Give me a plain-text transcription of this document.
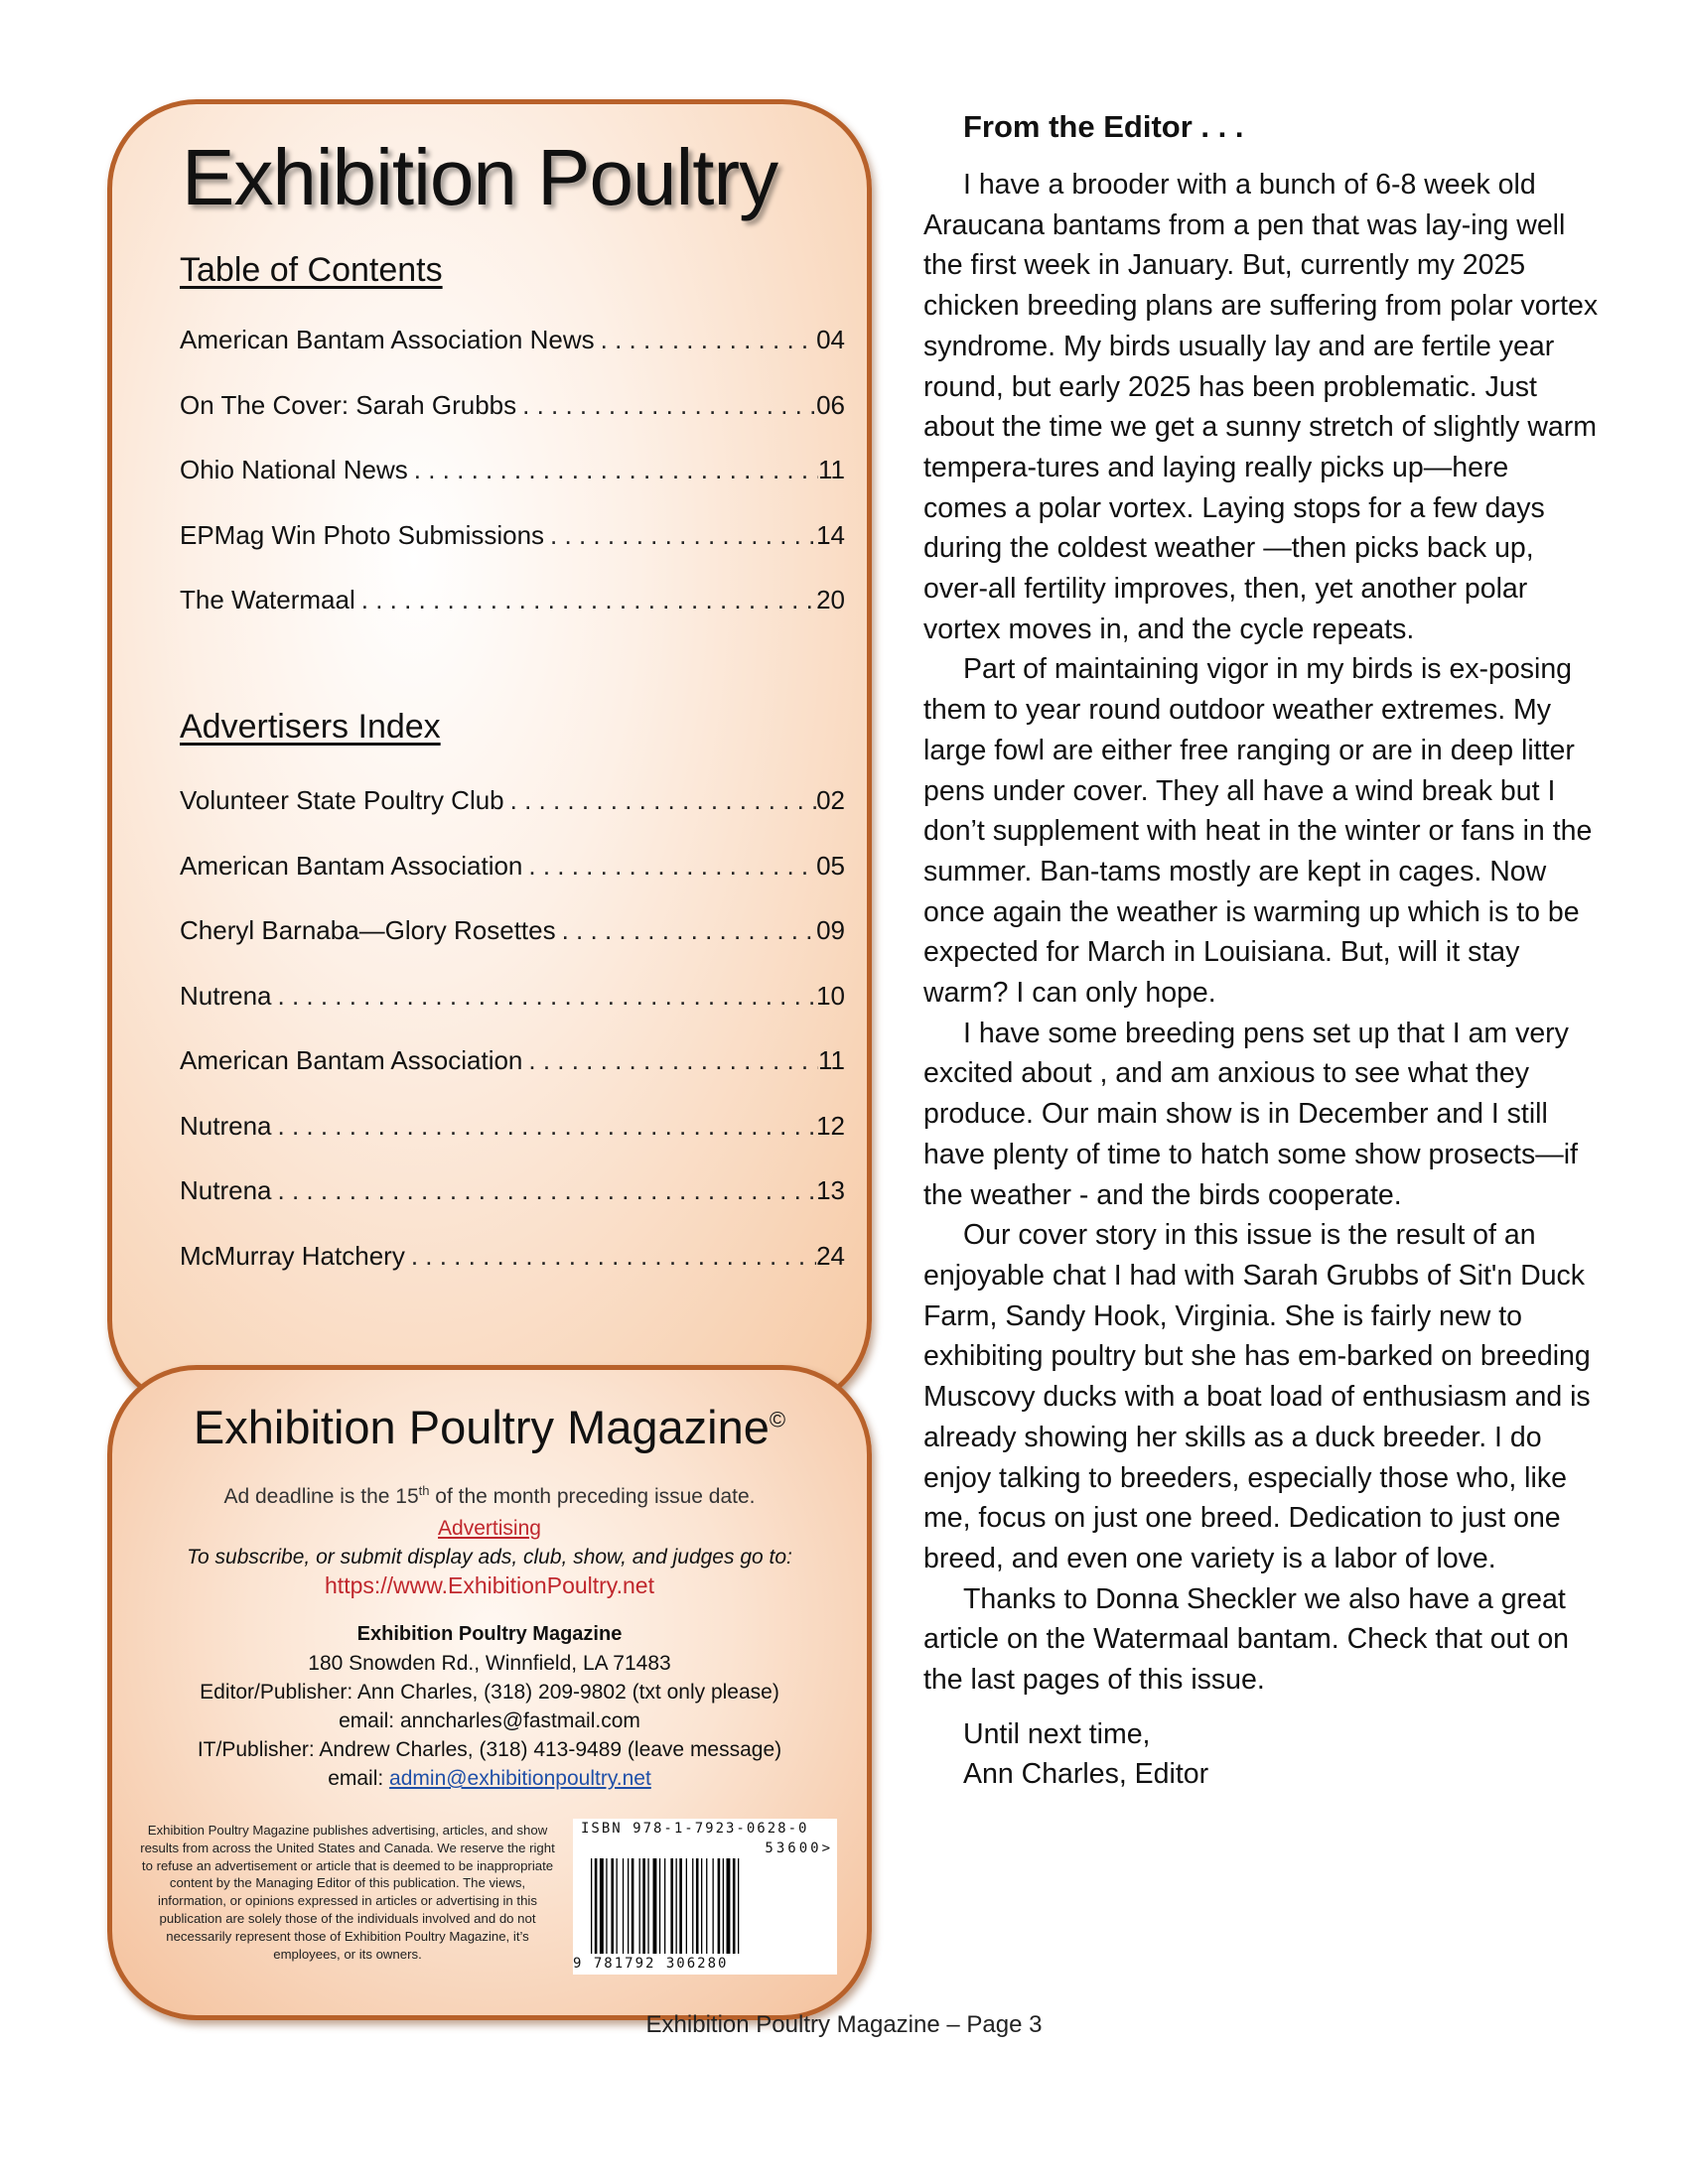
Exhibition Poultry
Table of Contents
American Bantam Association News . . .	04
On The Cover: Sarah Grubbs . . .	06
Ohio National News . . .	11
EPMag Win Photo Submissions . . .	14
The Watermaal . . .	20
Advertisers Index
Volunteer State Poultry Club . . .	02
American Bantam Association . . .	05
Cheryl Barnaba—Glory Rosettes . . .	09
Nutrena . . .	10
American Bantam Association . . .	11
Nutrena . . .	12
Nutrena . . .	13
McMurray Hatchery . . .	24
Exhibition Poultry Magazine©
Ad deadline is the 15th of the month preceding issue date.
Advertising
To subscribe, or submit display ads, club, show, and judges go to:
https://www.ExhibitionPoultry.net
Exhibition Poultry Magazine
180 Snowden Rd., Winnfield, LA 71483
Editor/Publisher: Ann Charles, (318) 209-9802 (txt only please)
email: anncharles@fastmail.com
IT/Publisher: Andrew Charles, (318) 413-9489 (leave message)
email: admin@exhibitionpoultry.net
Exhibition Poultry Magazine publishes advertising, articles, and show results from across the United States and Canada. We reserve the right to refuse an advertisement or article that is deemed to be inappropriate content by the Managing Editor of this publication. The views, information, or opinions expressed in articles or advertising in this publication are solely those of the individuals involved and do not necessarily represent those of Exhibition Poultry Magazine, it’s employees, or its owners.
ISBN 978-1-7923-0628-0
53600>
9 781792 306280
From the Editor . . .

I have a brooder with a bunch of 6-8 week old Araucana bantams from a pen that was lay-ing well the first week in January. But, currently my 2025 chicken breeding plans are suffering from polar vortex syndrome. My birds usually lay and are fertile year round, but early 2025 has been problematic. Just about the time we get a sunny stretch of slightly warm tempera-tures and laying really picks up—here comes a polar vortex. Laying stops for a few days during the coldest weather —then picks back up, over-all fertility improves, then, yet another polar vortex moves in, and the cycle repeats.

Part of maintaining vigor in my birds is ex-posing them to year round outdoor weather extremes. My large fowl are either free ranging or are in deep litter pens under cover. They all have a wind break but I don’t supplement with heat in the winter or fans in the summer. Ban-tams mostly are kept in cages. Now once again the weather is warming up which is to be expected for March in Louisiana. But, will it stay warm? I can only hope.

I have some breeding pens set up that I am very excited about , and am anxious to see what they produce. Our main show is in December and I still have plenty of time to hatch some show prosects—if the weather - and the birds cooperate.

Our cover story in this issue is the result of an enjoyable chat I had with Sarah Grubbs of Sit'n Duck Farm, Sandy Hook, Virginia. She is fairly new to exhibiting poultry but she has em-barked on breeding Muscovy ducks with a boat load of enthusiasm and is already showing her skills as a duck breeder. I do enjoy talking to breeders, especially those who, like me, focus on just one breed. Dedication to just one breed, and even one variety is a labor of love.

Thanks to Donna Sheckler we also have a great article on the Watermaal bantam. Check that out on the last pages of this issue.

Until next time,
Ann Charles, Editor
Exhibition Poultry Magazine – Page 3
